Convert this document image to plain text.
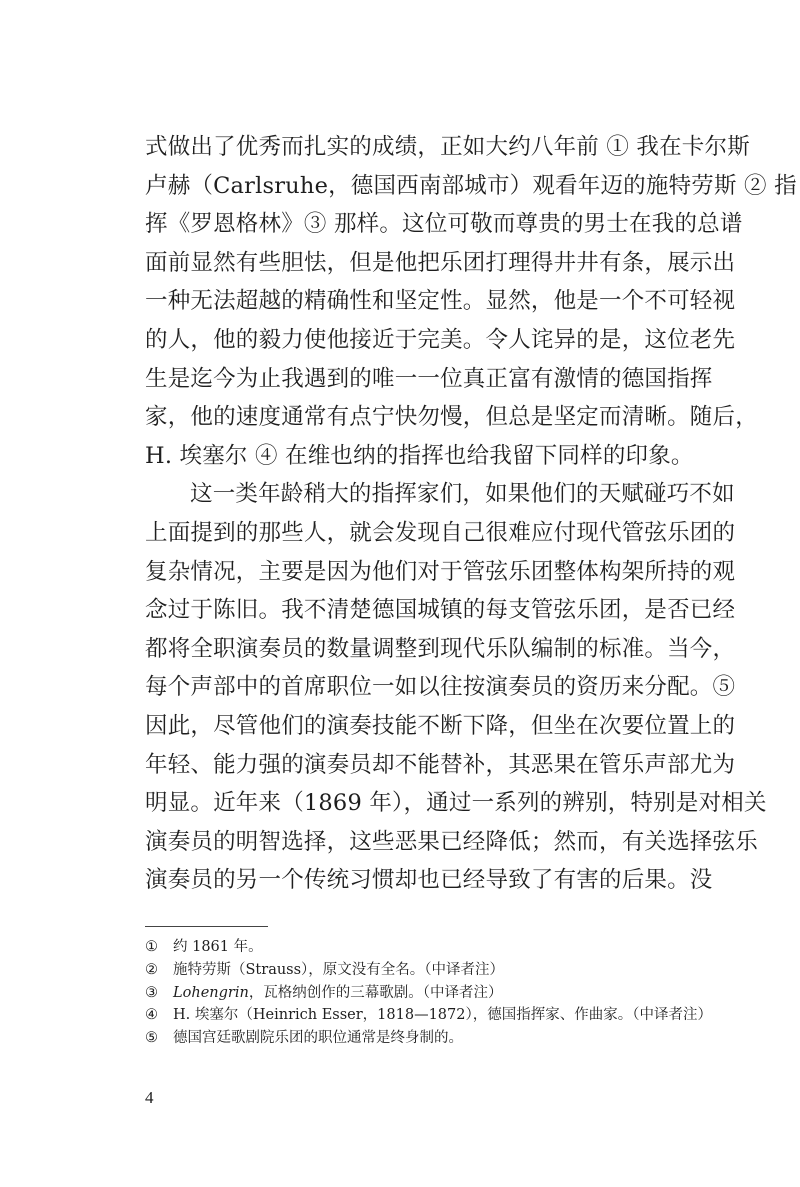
式做出了优秀而扎实的成绩，正如大约八年前 ① 我在卡尔斯
卢赫（Carlsruhe，德国西南部城市）观看年迈的施特劳斯 ② 指
挥《罗恩格林》③ 那样。这位可敬而尊贵的男士在我的总谱
面前显然有些胆怯，但是他把乐团打理得井井有条，展示出
一种无法超越的精确性和坚定性。显然，他是一个不可轻视
的人，他的毅力使他接近于完美。令人诧异的是，这位老先
生是迄今为止我遇到的唯一一位真正富有激情的德国指挥
家，他的速度通常有点宁快勿慢，但总是坚定而清晰。随后，
H. 埃塞尔 ④ 在维也纳的指挥也给我留下同样的印象。
这一类年龄稍大的指挥家们，如果他们的天赋碰巧不如
上面提到的那些人，就会发现自己很难应付现代管弦乐团的
复杂情况，主要是因为他们对于管弦乐团整体构架所持的观
念过于陈旧。我不清楚德国城镇的每支管弦乐团，是否已经
都将全职演奏员的数量调整到现代乐队编制的标准。当今，
每个声部中的首席职位一如以往按演奏员的资历来分配。⑤
因此，尽管他们的演奏技能不断下降，但坐在次要位置上的
年轻、能力强的演奏员却不能替补，其恶果在管乐声部尤为
明显。近年来（1869 年），通过一系列的辨别，特别是对相关
演奏员的明智选择，这些恶果已经降低；然而，有关选择弦乐
演奏员的另一个传统习惯却也已经导致了有害的后果。没
① 约 1861 年。
② 施特劳斯（Strauss），原文没有全名。（中译者注）
③ Lohengrin，瓦格纳创作的三幕歌剧。（中译者注）
④ H. 埃塞尔（Heinrich Esser，1818—1872），德国指挥家、作曲家。（中译者注）
⑤ 德国宫廷歌剧院乐团的职位通常是终身制的。
4
